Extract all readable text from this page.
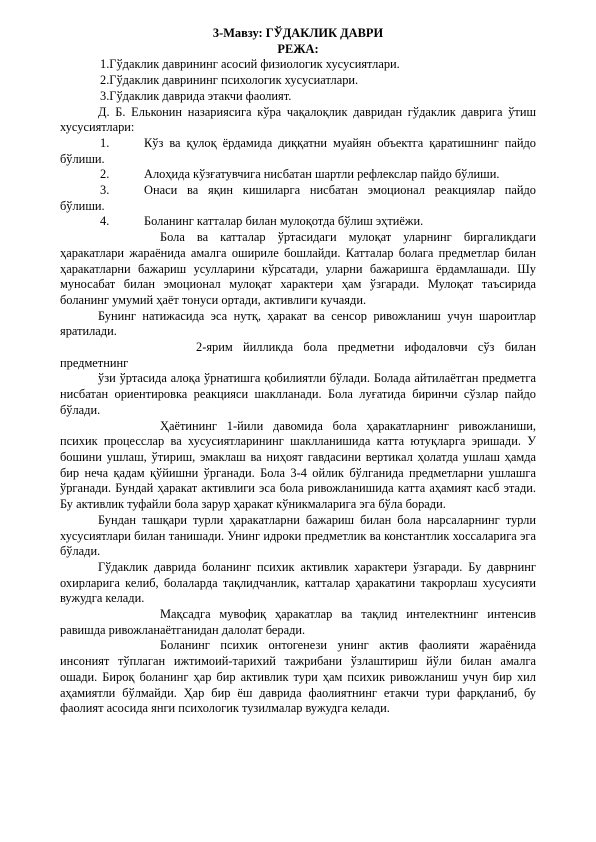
3-Мавзу: ГЎДАКЛИК ДАВРИ

РЕЖА:

1.Гўдаклик даврининг асосий физиологик хусусиятлари.

2.Гўдаклик даврининг психологик хусусиатлари.

3.Гўдаклик даврида этакчи фаолият.

Д. Б. Ельконин назариясига кўра чақалоқлик давридан гўдаклик даврига ўтиш хусусиятлари:

1.	Кўз ва қулоқ ёрдамида диққатни муайян объектга қаратишнинг пайдо бўлиши.

2.	Алоҳида кўзғатувчига нисбатан шартли рефлекслар пайдо бўлиши.

3.	Онаси ва яқин кишиларга нисбатан эмоционал реакциялар пайдо бўлиши.

4.	Боланинг катталар билан мулоқотда бўлиш эҳтиёжи.

Бола ва катталар ўртасидаги мулоқат уларнинг биргаликдаги ҳаракатлари жараёнида амалга ошириле бошлайди. Катталар болага предметлар билан ҳаракатларни бажариш усулларини кўрсатади, уларни бажаришга ёрдамлашади. Шу муносабат билан эмоционал мулоқат характери ҳам ўзгаради. Мулоқат таъсирида боланинг умумий ҳаёт тонуси ортади, активлиги кучаяди.

Бунинг натижасида эса нутқ, ҳаракат ва сенсор ривожланиш учун шароитлар яратилади.

2-ярим йилликда бола предметни ифодаловчи сўз билан предметнинг

ўзи ўртасида алоқа ўрнатишга қобилиятли бўлади. Болада айтилаётган предметга нисбатан ориентировка реакцияси шаклланади. Бола луғатида биринчи сўзлар пайдо бўлади.

Ҳаётининг 1-йили давомида бола ҳаракатларнинг ривожланиши, психик процесслар ва хусусиятларининг шаклланишида катта ютуқларга эришади. У бошини ушлаш, ўтириш, эмаклаш ва ниҳоят гавдасини вертикал ҳолатда ушлаш ҳамда бир неча қадам қўйишни ўрганади. Бола 3-4 ойлик бўлганида предметларни ушлашга ўрганади. Бундай ҳаракат активлиги эса бола ривожланишида катта аҳамият касб этади. Бу активлик туфайли бола зарур ҳаракат кўникмаларига эга бўла боради.

Бундан ташқари турли ҳаракатларни бажариш билан бола нарсаларнинг турли хусусиятлари билан танишади. Унинг идроки предметлик ва константлик хоссаларига эга бўлади.

Гўдаклик даврида боланинг психик активлик характери ўзгаради. Бу даврнинг охирларига келиб, болаларда тақлидчанлик, катталар ҳаракатини такрорлаш хусусияти вужудга келади.

Мақсадга мувофиқ ҳаракатлар ва тақлид интелектнинг интенсив равишда ривожланаётганидан далолат беради.

Боланинг психик онтогенези унинг актив фаолияти жараёнида инсоният тўплаган ижтимоий-тарихий тажрибани ўзлаштириш йўли билан амалга ошади. Бироқ боланинг ҳар бир активлик тури ҳам психик ривожланиш учун бир хил аҳамиятли бўлмайди. Ҳар бир ёш даврида фаолиятнинг етакчи тури фарқланиб, бу фаолият асосида янги психологик тузилмалар вужудга келади.
